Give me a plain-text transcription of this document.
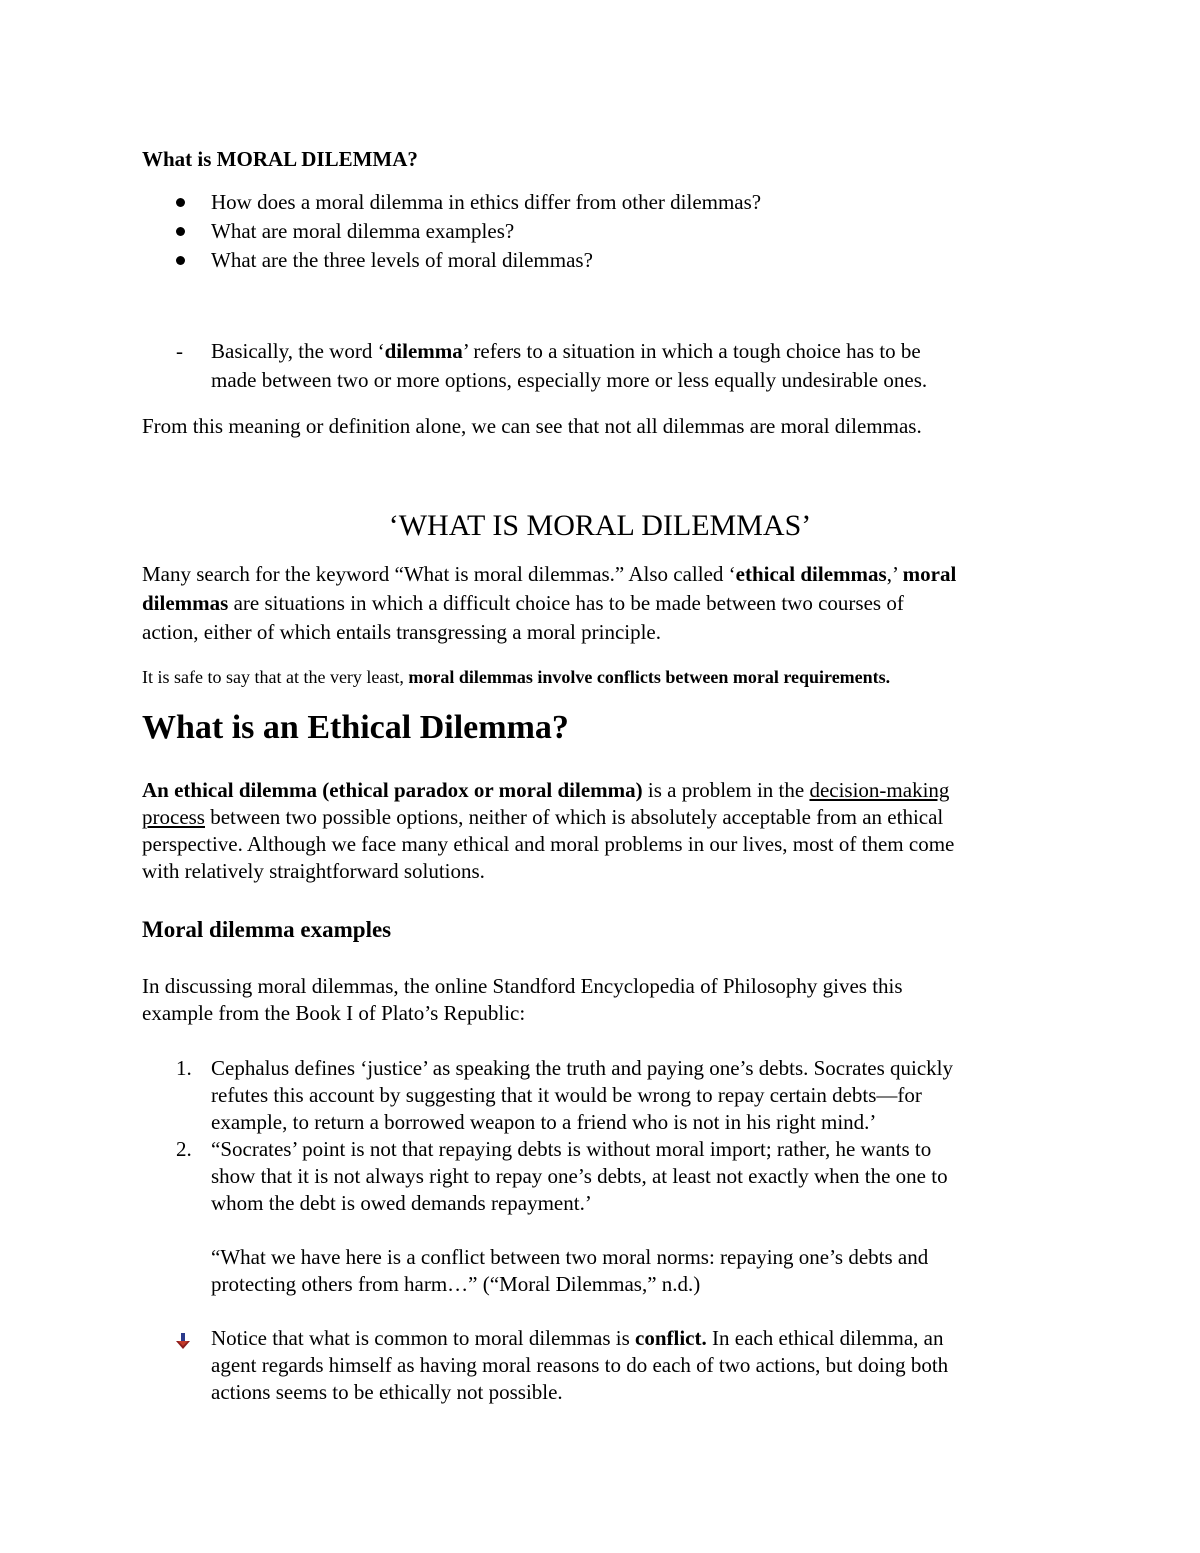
What is MORAL DILEMMA?

How does a moral dilemma in ethics differ from other dilemmas?

What are moral dilemma examples?

What are the three levels of moral dilemmas?

- Basically, the word ‘dilemma’ refers to a situation in which a tough choice has to be

made between two or more options, especially more or less equally undesirable ones.

From this meaning or definition alone, we can see that not all dilemmas are moral dilemmas.

‘WHAT IS MORAL DILEMMAS’

Many search for the keyword “What is moral dilemmas.” Also called ‘ethical dilemmas,’ moral

dilemmas are situations in which a difficult choice has to be made between two courses of

action, either of which entails transgressing a moral principle.

It is safe to say that at the very least, moral dilemmas involve conflicts between moral requirements.

What is an Ethical Dilemma?

An ethical dilemma (ethical paradox or moral dilemma) is a problem in the decision-making

process between two possible options, neither of which is absolutely acceptable from an ethical

perspective. Although we face many ethical and moral problems in our lives, most of them come

with relatively straightforward solutions.

Moral dilemma examples

In discussing moral dilemmas, the online Standford Encyclopedia of Philosophy gives this

example from the Book I of Plato’s Republic:

1. Cephalus defines ‘justice’ as speaking the truth and paying one’s debts. Socrates quickly

refutes this account by suggesting that it would be wrong to repay certain debts—for

example, to return a borrowed weapon to a friend who is not in his right mind.’

2. “Socrates’ point is not that repaying debts is without moral import; rather, he wants to

show that it is not always right to repay one’s debts, at least not exactly when the one to

whom the debt is owed demands repayment.’

“What we have here is a conflict between two moral norms: repaying one’s debts and

protecting others from harm…” (“Moral Dilemmas,” n.d.)

Notice that what is common to moral dilemmas is conflict. In each ethical dilemma, an

agent regards himself as having moral reasons to do each of two actions, but doing both

actions seems to be ethically not possible.
